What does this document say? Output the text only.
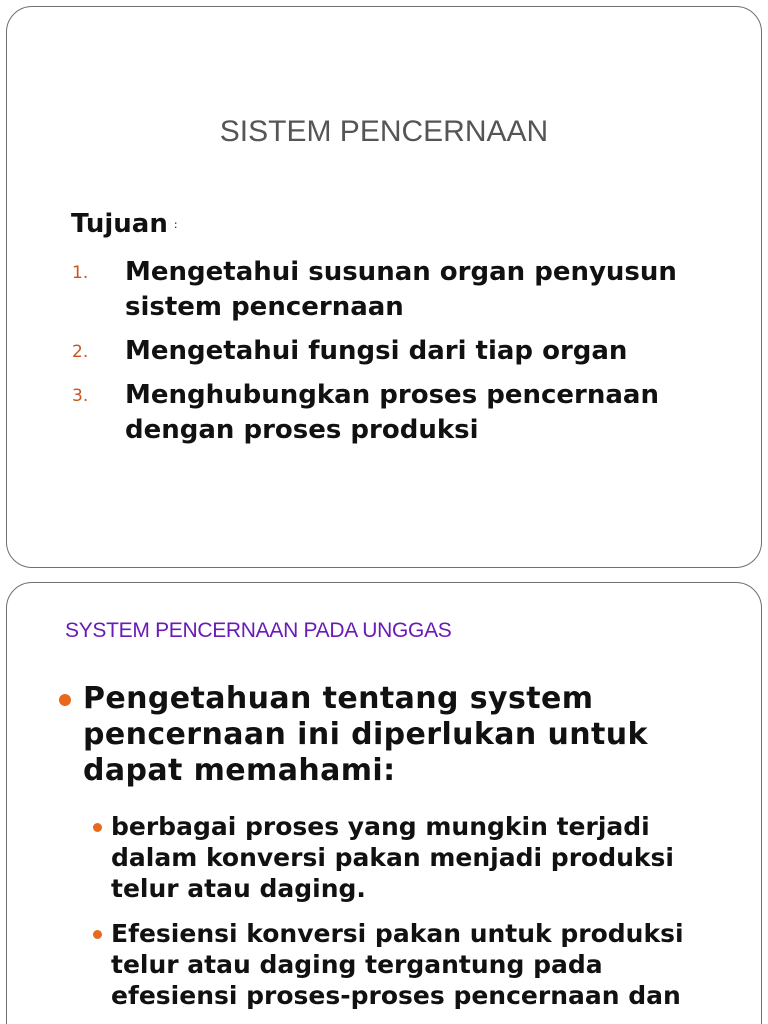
SISTEM PENCERNAAN
Tujuan :
1. Mengetahui susunan organ penyusun sistem pencernaan
2. Mengetahui fungsi dari tiap organ
3. Menghubungkan proses pencernaan dengan proses produksi
SYSTEM PENCERNAAN PADA UNGGAS
Pengetahuan tentang system pencernaan ini diperlukan untuk dapat memahami:
berbagai proses yang mungkin terjadi dalam konversi pakan menjadi produksi telur atau daging.
Efesiensi konversi pakan untuk produksi telur atau daging tergantung pada efesiensi proses-proses pencernaan dan
